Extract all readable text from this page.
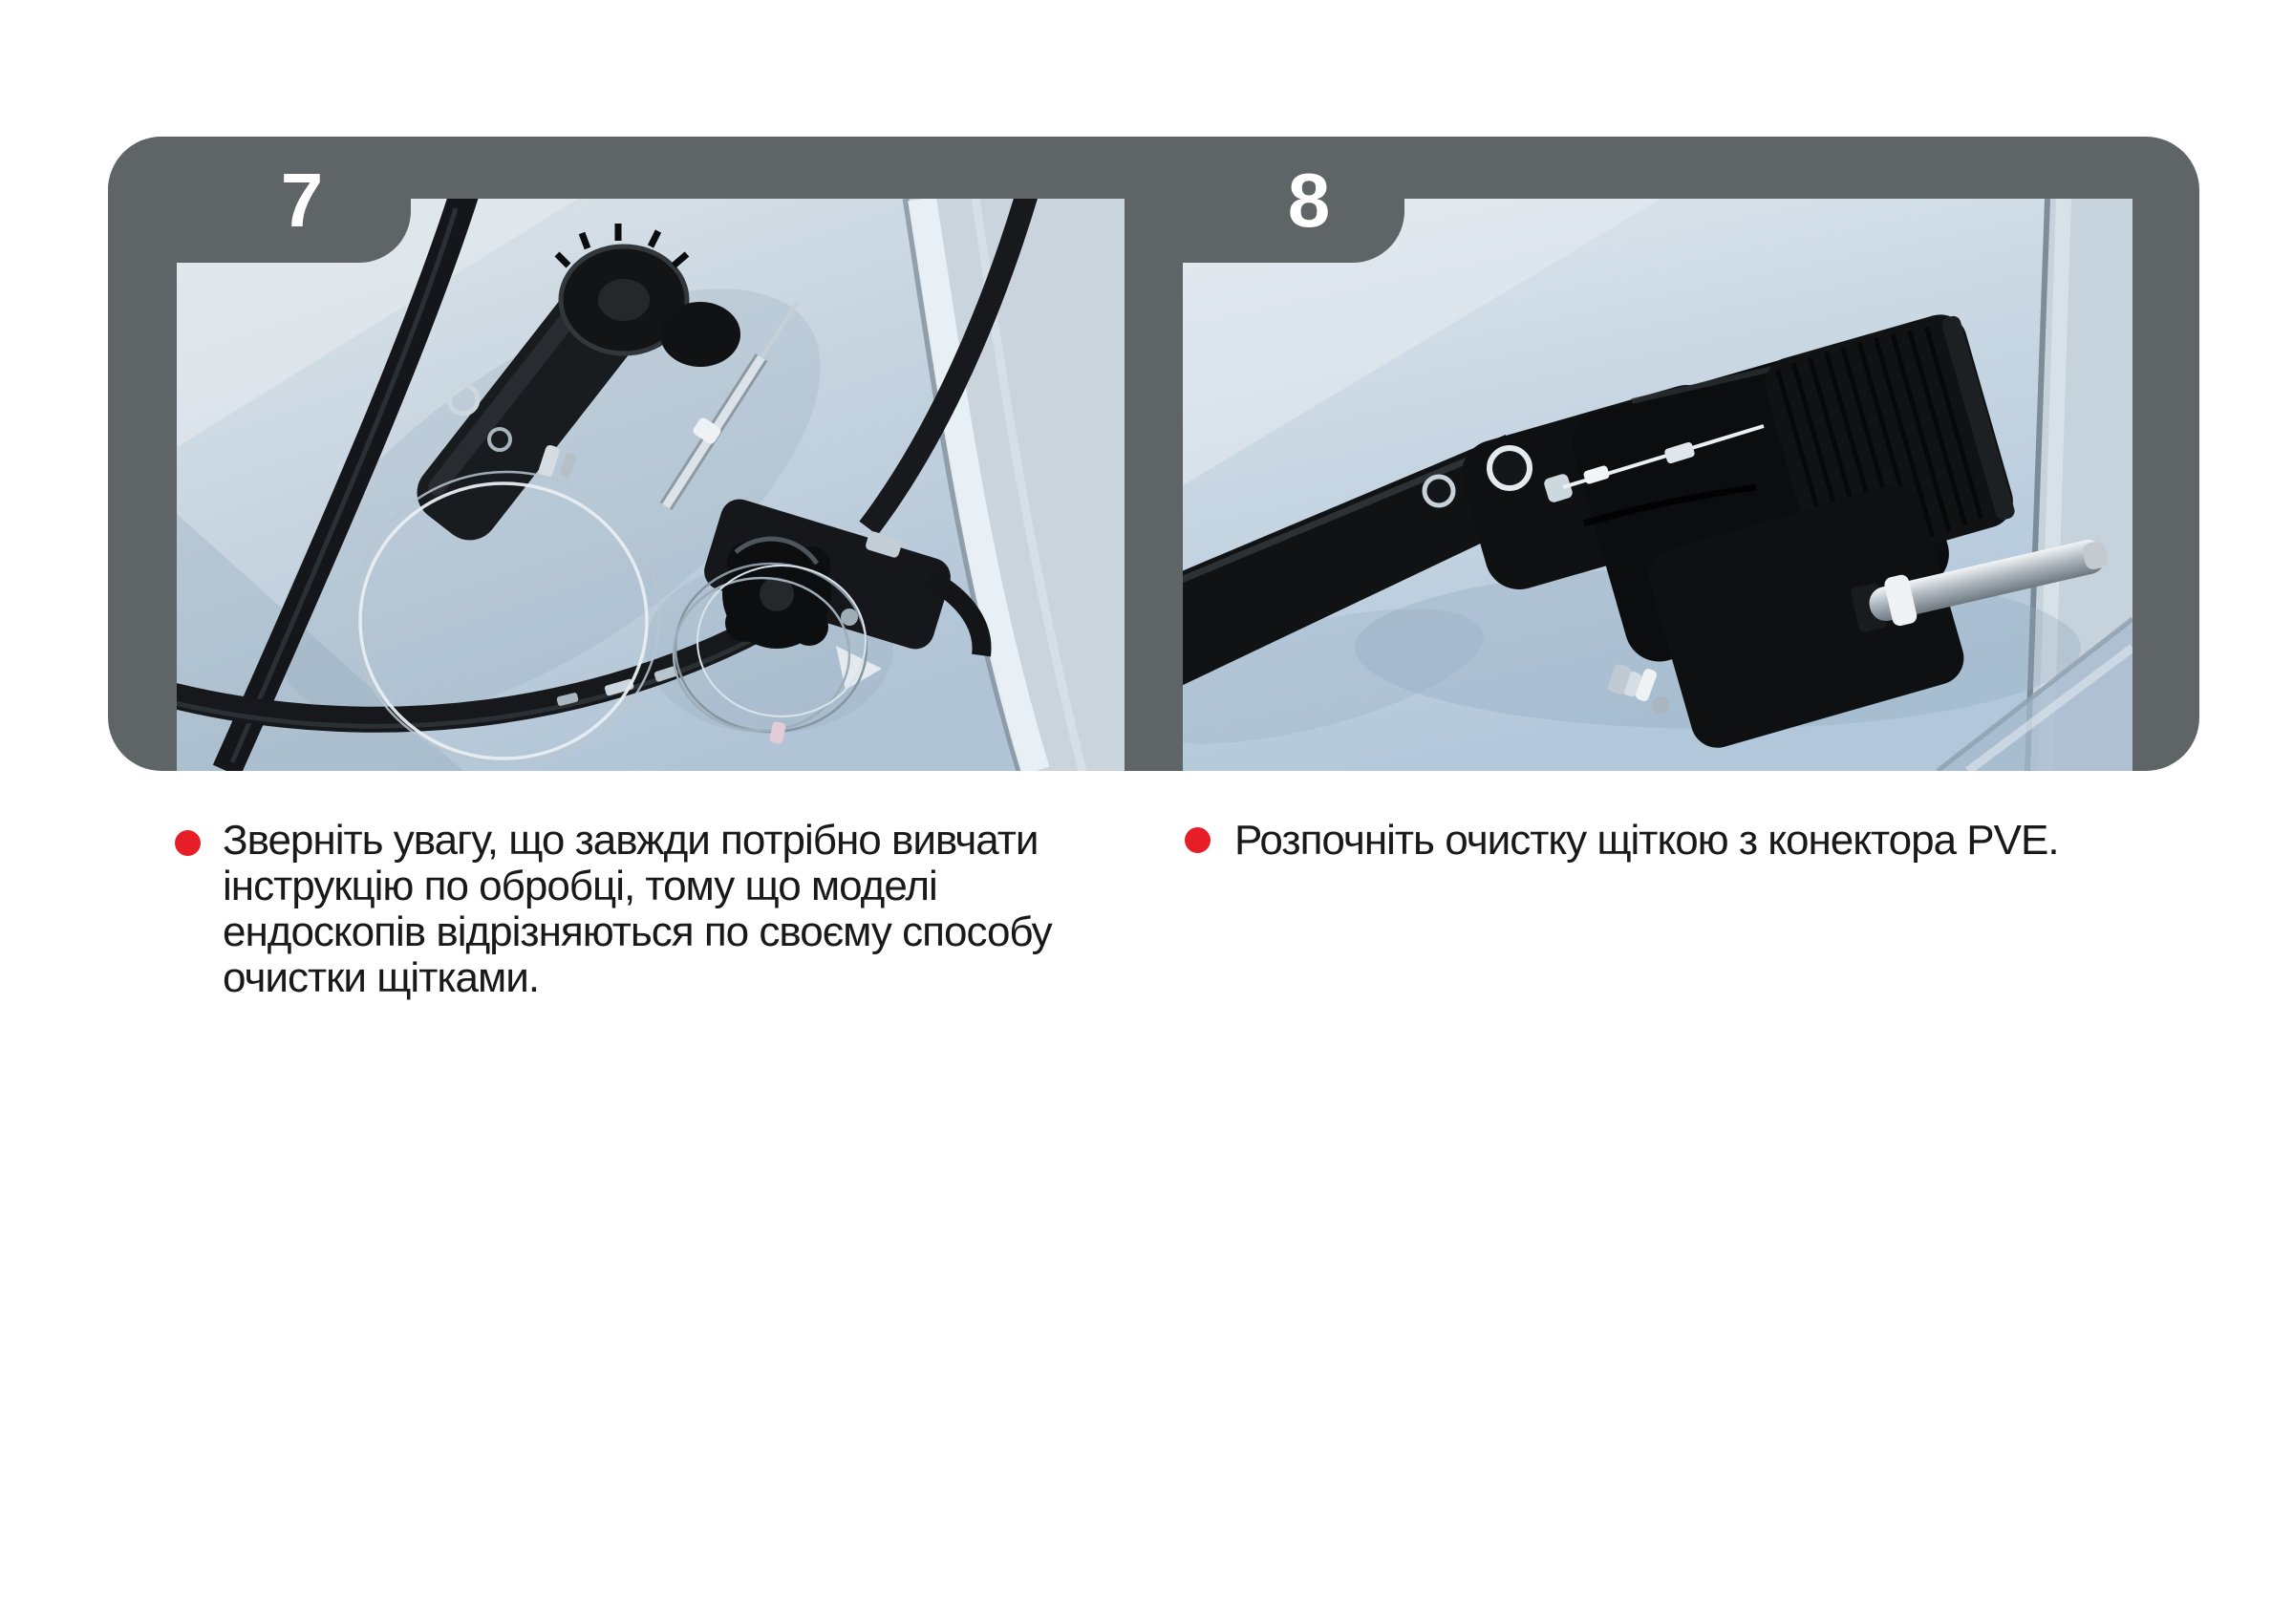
7	8
Зверніть увагу, що завжди потрібно вивчати
інструкцію по обробці, тому що моделі
ендоскопів відрізняються по своєму способу
очистки щітками.
Розпочніть очистку щіткою з конектора PVE.
